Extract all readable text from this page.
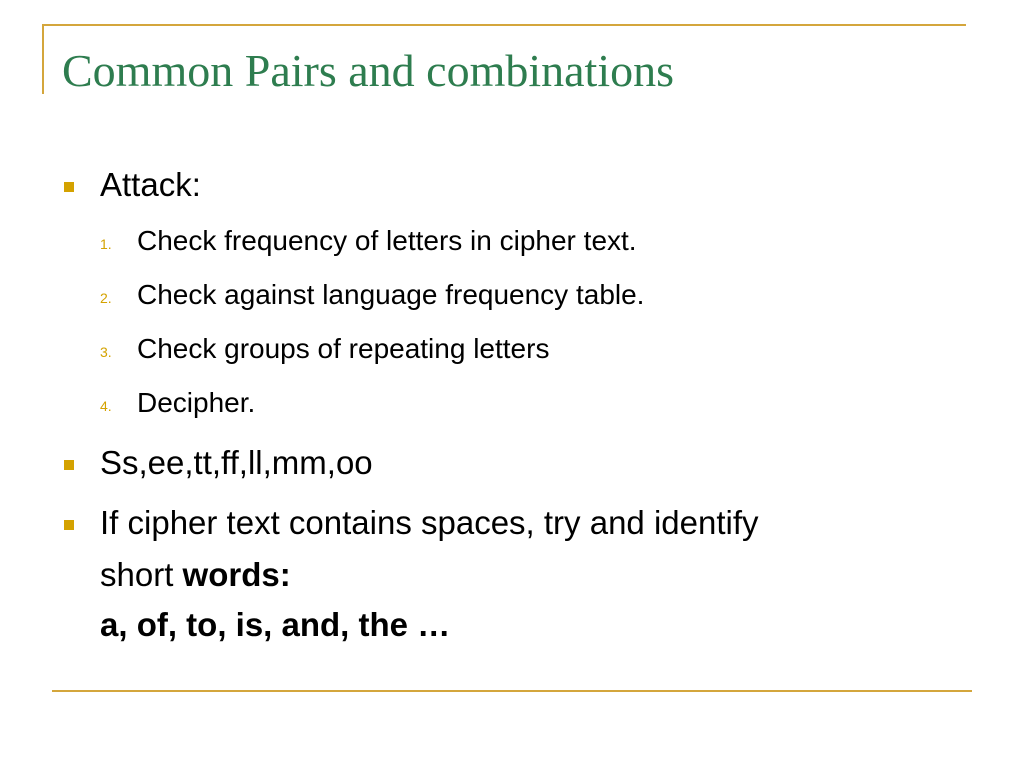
Common Pairs and combinations
Attack:
1. Check frequency of letters in cipher text.
2. Check against language frequency table.
3. Check groups of repeating letters
4. Decipher.
Ss,ee,tt,ff,ll,mm,oo
If cipher text contains spaces, try and identify
short words:
a, of, to, is, and, the …
